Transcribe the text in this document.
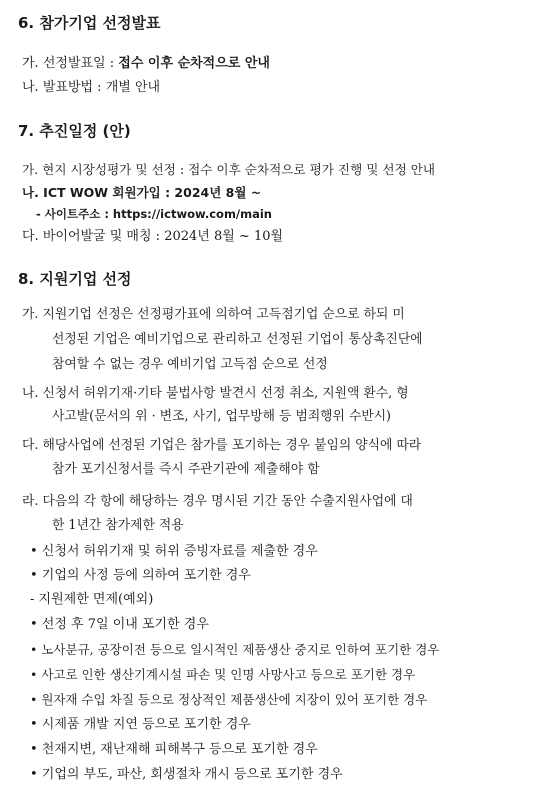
6. 참가기업 선정발표
가. 선정발표일 : 접수 이후 순차적으로 안내
나. 발표방법 : 개별 안내
7. 추진일정 (안)
가. 현지 시장성평가 및 선정 : 접수 이후 순차적으로 평가 진행 및 선정 안내
나. ICT WOW 회원가입 : 2024년 8월 ~
- 사이트주소 : https://ictwow.com/main
다. 바이어발굴 및 매칭 : 2024년 8월 ~ 10월
8. 지원기업 선정
가. 지원기업 선정은 선정평가표에 의하여 고득점기업 순으로 하되 미
선정된 기업은 예비기업으로 관리하고 선정된 기업이 통상촉진단에
참여할 수 없는 경우 예비기업 고득점 순으로 선정
나. 신청서 허위기재·기타 불법사항 발견시 선정 취소, 지원액 환수, 형
사고발(문서의 위 · 변조, 사기, 업무방해 등 범죄행위 수반시)
다. 해당사업에 선정된 기업은 참가를 포기하는 경우 붙임의 양식에 따라
참가 포기신청서를 즉시 주관기관에 제출해야 함
라. 다음의 각 항에 해당하는 경우 명시된 기간 동안 수출지원사업에 대
한 1년간 참가제한 적용
• 신청서 허위기재 및 허위 증빙자료를 제출한 경우
• 기업의 사정 등에 의하여 포기한 경우
- 지원제한 면제(예외)
• 선정 후 7일 이내 포기한 경우
• 노사분규, 공장이전 등으로 일시적인 제품생산 중지로 인하여 포기한 경우
• 사고로 인한 생산기계시설 파손 및 인명 사망사고 등으로 포기한 경우
• 원자재 수입 차질 등으로 정상적인 제품생산에 지장이 있어 포기한 경우
• 시제품 개발 지연 등으로 포기한 경우
• 천재지변, 재난재해 피해복구 등으로 포기한 경우
• 기업의 부도, 파산, 회생절차 개시 등으로 포기한 경우
